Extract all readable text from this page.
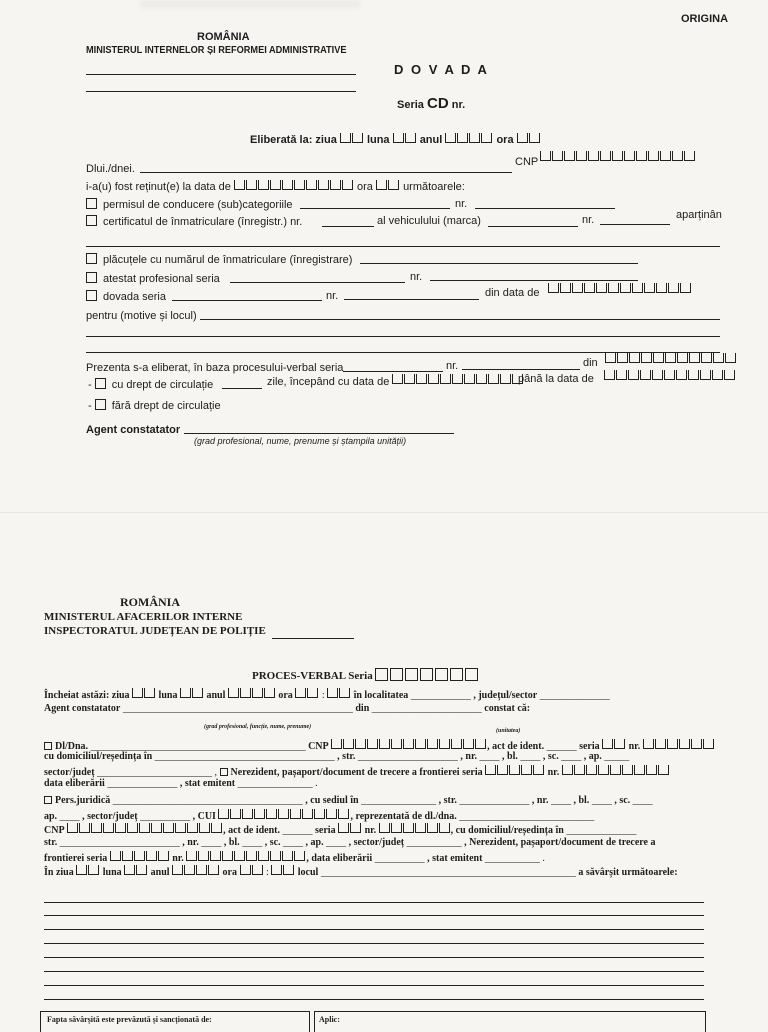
ORIGINA
ROMÂNIA
MINISTERUL INTERNELOR ȘI REFORMEI ADMINISTRATIVE
D O V A D A
Seria CD nr.
Eliberată la: ziua	luna	anul	ora
Dlui./dnei.
CNP
i-a(u) fost reținut(e) la data de	ora	următoarele:
permisul de conducere (sub)categoriile	nr.
certificatul de înmatriculare (înregistr.) nr.	al vehiculului (marca)	nr.	aparținân
plăcuțele cu numărul de înmatriculare (înregistrare)
atestat profesional seria	nr.
dovada seria	nr.	din data de
pentru (motive și locul)
Prezenta s-a eliberat, în baza procesului-verbal seria	nr.	din
- cu drept de circulație	zile, începând cu data de	până la data de
- fără drept de circulație
Agent constatator
(grad profesional, nume, prenume și ștampila unității)
ROMÂNIA
MINISTERUL AFACERILOR INTERNE
INSPECTORATUL JUDEȚEAN DE POLIȚIE
PROCES-VERBAL Seria
Încheiat astăzi: ziua	luna	anul	ora	:	în localitatea ____________ , județul/sector ______________
Agent constatator ______________________________________________ din ______________________ constat că:
(grad profesional, funcție, nume, prenume)
(unitatea)
Dl/Dna. ___________________________________________ CNP	, act de ident. ______ seria	nr.
cu domiciliul/reședința în ____________________________________ , str. ____________________ , nr. ____ , bl. ____ , sc. ____ , ap. _____
sector/județ _______________________ , Nerezident, pașaport/document de trecere a frontierei seria	nr.
data eliberării ______________ , stat emitent _______________ .
Pers.juridică ______________________________________ , cu sediul în _______________ , str. ______________ , nr. ____ , bl. ____ , sc. ____
ap. ____ , sector/județ __________ , CUI	, reprezentată de dl./dna. ___________________________
CNP	, act de ident. ______ seria	nr.	, cu domiciliul/reședința în ______________
str. ________________________ , nr. ____ , bl. ____ , sc. ____ , ap. ____ , sector/județ ___________ , Nerezident, pașaport/document de trecere a
frontierei seria	nr.	, data eliberării __________ , stat emitent ___________ .
În ziua	luna	anul	ora	:	locul ___________________________________________________ a săvârșit următoarele:
Fapta săvârșită este prevăzută și sancționată de:	Aplic:
